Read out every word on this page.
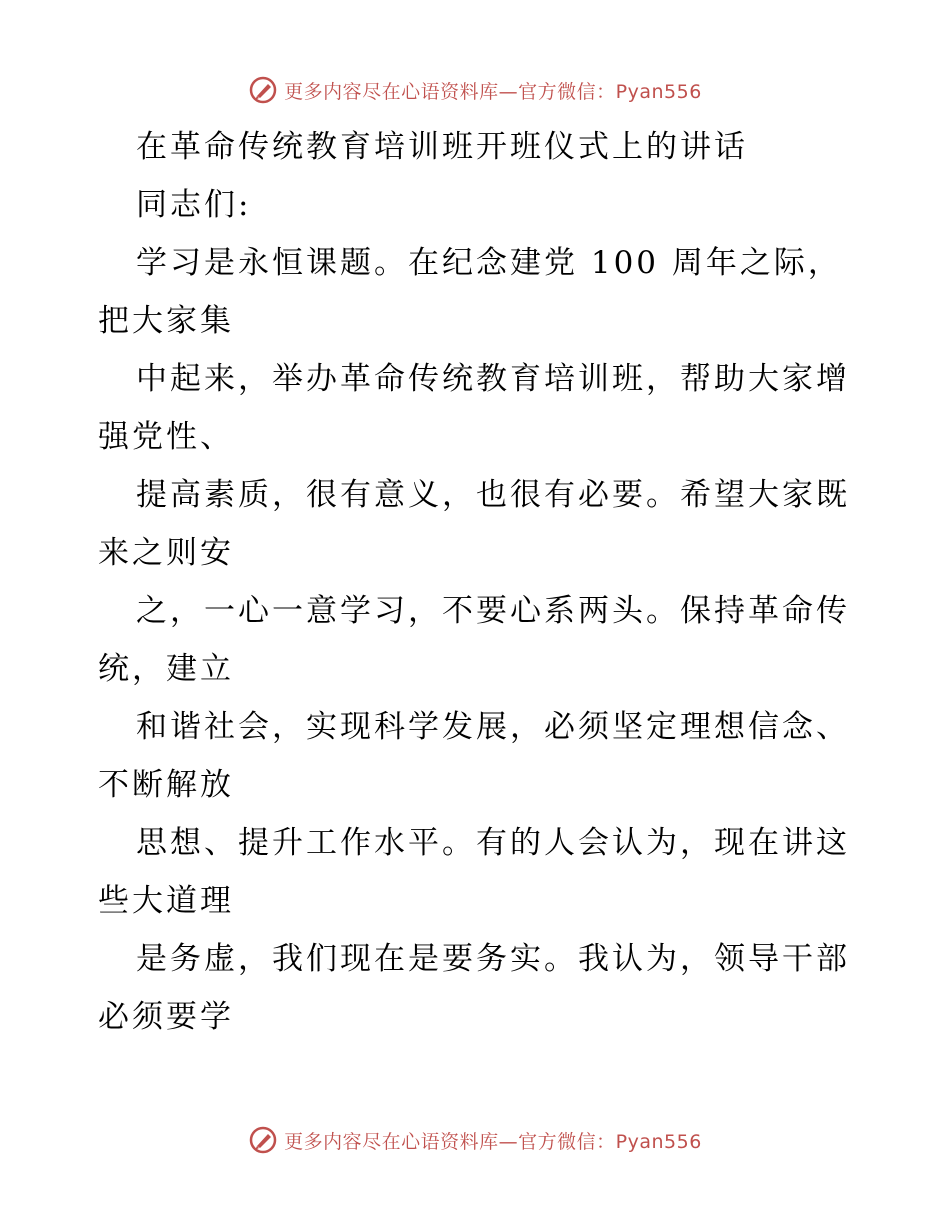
更多内容尽在心语资料库—官方微信：Pyan556
在革命传统教育培训班开班仪式上的讲话
同志们:
学习是永恒课题。在纪念建党 100 周年之际，
把大家集
中起来，举办革命传统教育培训班，帮助大家增
强党性、
提高素质，很有意义，也很有必要。希望大家既
来之则安
之，一心一意学习，不要心系两头。保持革命传
统，建立
和谐社会，实现科学发展，必须坚定理想信念、
不断解放
思想、提升工作水平。有的人会认为，现在讲这
些大道理
是务虚，我们现在是要务实。我认为，领导干部
必须要学
更多内容尽在心语资料库—官方微信：Pyan556
